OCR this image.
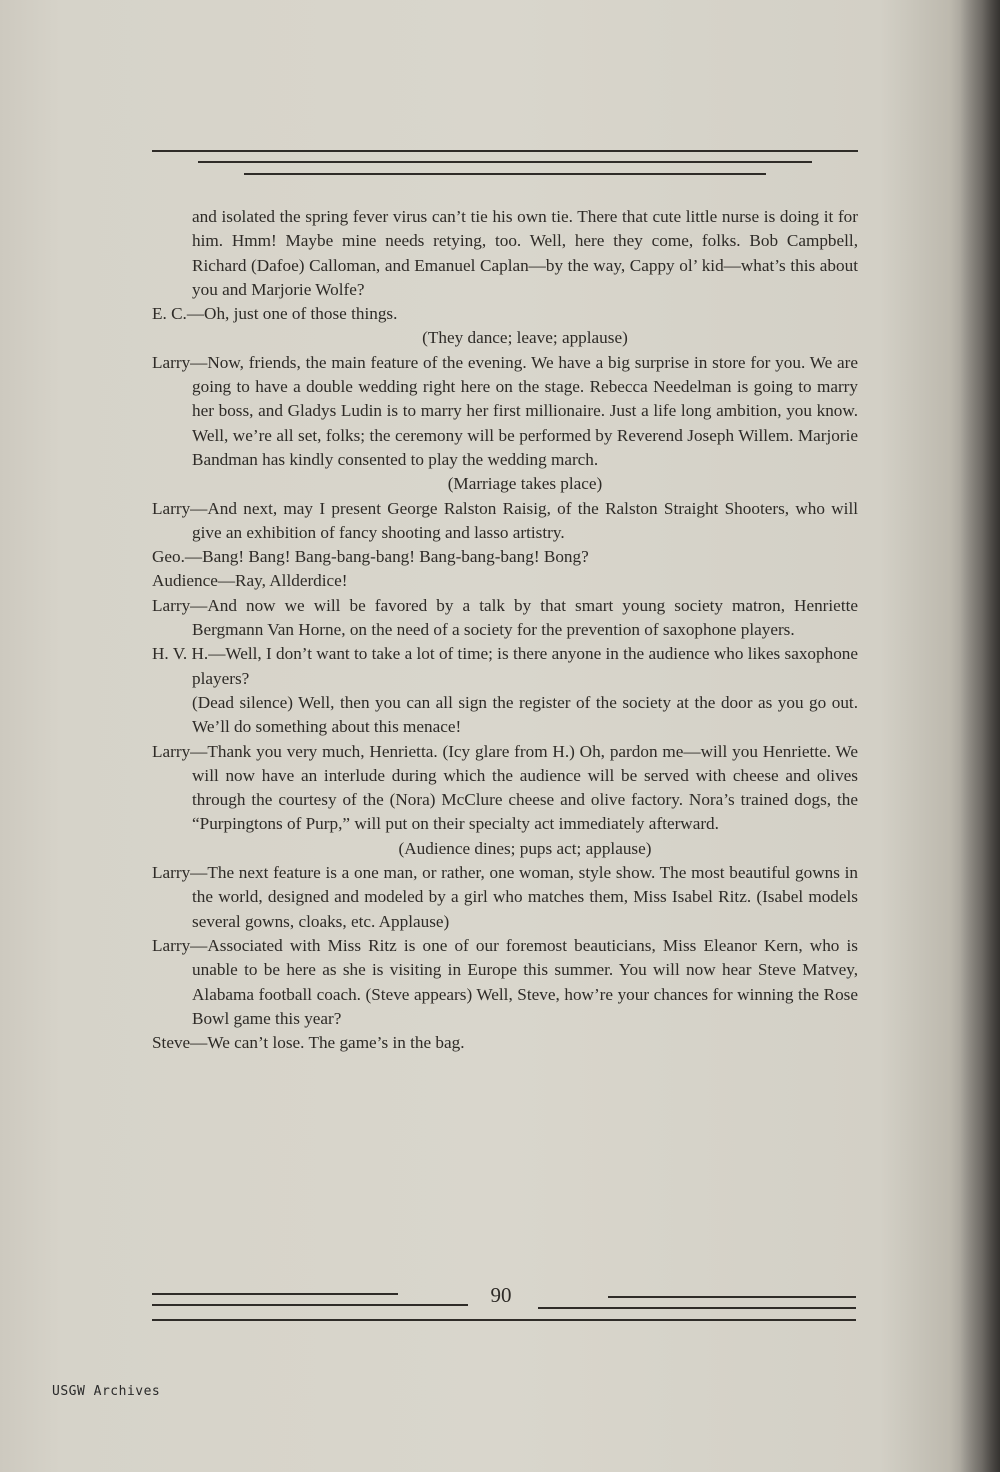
and isolated the spring fever virus can’t tie his own tie. There that cute little nurse is doing it for him. Hmm! Maybe mine needs retying, too. Well, here they come, folks. Bob Campbell, Richard (Dafoe) Calloman, and Emanuel Caplan—by the way, Cappy ol’ kid—what’s this about you and Marjorie Wolfe?

E. C.—Oh, just one of those things.

(They dance; leave; applause)

Larry—Now, friends, the main feature of the evening. We have a big surprise in store for you. We are going to have a double wedding right here on the stage. Rebecca Needelman is going to marry her boss, and Gladys Ludin is to marry her first millionaire. Just a life long ambition, you know. Well, we’re all set, folks; the ceremony will be performed by Reverend Joseph Willem. Marjorie Bandman has kindly consented to play the wedding march.

(Marriage takes place)

Larry—And next, may I present George Ralston Raisig, of the Ralston Straight Shooters, who will give an exhibition of fancy shooting and lasso artistry.

Geo.—Bang! Bang! Bang-bang-bang! Bang-bang-bang! Bong?

Audience—Ray, Allderdice!

Larry—And now we will be favored by a talk by that smart young society matron, Henriette Bergmann Van Horne, on the need of a society for the prevention of saxophone players.

H. V. H.—Well, I don’t want to take a lot of time; is there anyone in the audience who likes saxophone players?

(Dead silence) Well, then you can all sign the register of the society at the door as you go out. We’ll do something about this menace!

Larry—Thank you very much, Henrietta. (Icy glare from H.) Oh, pardon me—will you Henriette. We will now have an interlude during which the audience will be served with cheese and olives through the courtesy of the (Nora) McClure cheese and olive factory. Nora’s trained dogs, the “Purpingtons of Purp,” will put on their specialty act immediately afterward.

(Audience dines; pups act; applause)

Larry—The next feature is a one man, or rather, one woman, style show. The most beautiful gowns in the world, designed and modeled by a girl who matches them, Miss Isabel Ritz. (Isabel models several gowns, cloaks, etc. Applause)

Larry—Associated with Miss Ritz is one of our foremost beauticians, Miss Eleanor Kern, who is unable to be here as she is visiting in Europe this summer. You will now hear Steve Matvey, Alabama football coach. (Steve appears) Well, Steve, how’re your chances for winning the Rose Bowl game this year?

Steve—We can’t lose. The game’s in the bag.

90
USGW Archives
